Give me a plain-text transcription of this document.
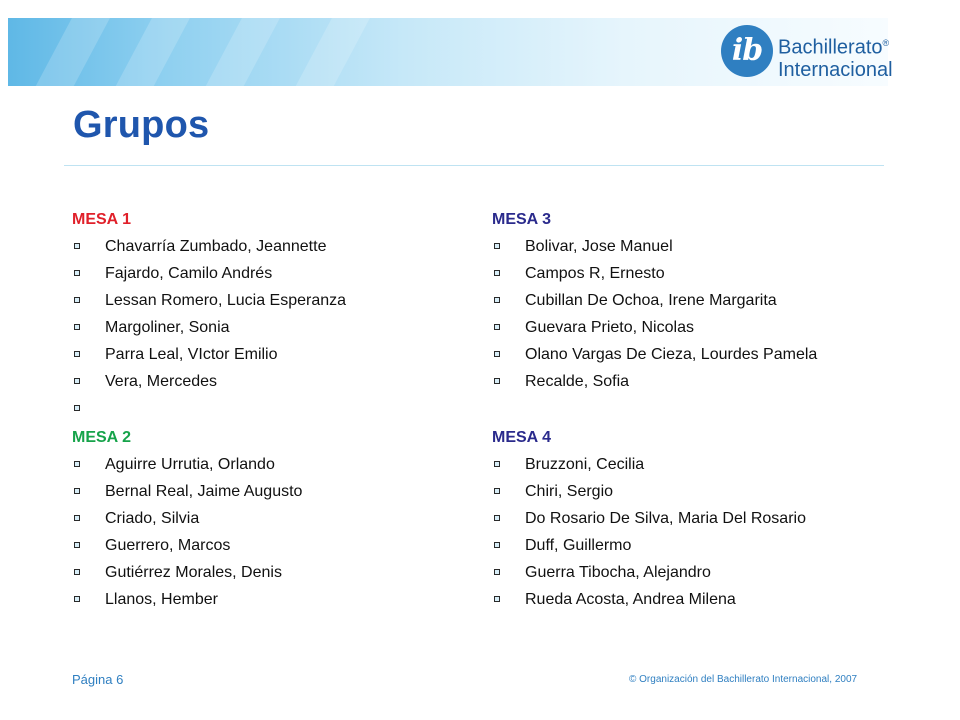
ib Bachillerato®
Internacional
Grupos
MESA 1
Chavarría Zumbado, Jeannette
Fajardo, Camilo Andrés
Lessan Romero, Lucia Esperanza
Margoliner, Sonia
Parra Leal, VIctor Emilio
Vera, Mercedes
MESA 2
Aguirre Urrutia, Orlando
Bernal Real, Jaime Augusto
Criado, Silvia
Guerrero, Marcos
Gutiérrez Morales, Denis
Llanos, Hember
MESA 3
Bolivar, Jose Manuel
Campos R, Ernesto
Cubillan De Ochoa, Irene Margarita
Guevara Prieto, Nicolas
Olano Vargas De Cieza, Lourdes Pamela
Recalde, Sofia
MESA 4
Bruzzoni, Cecilia
Chiri, Sergio
Do Rosario De Silva, Maria Del Rosario
Duff, Guillermo
Guerra Tibocha, Alejandro
Rueda Acosta, Andrea Milena
Página 6	© Organización del Bachillerato Internacional, 2007
